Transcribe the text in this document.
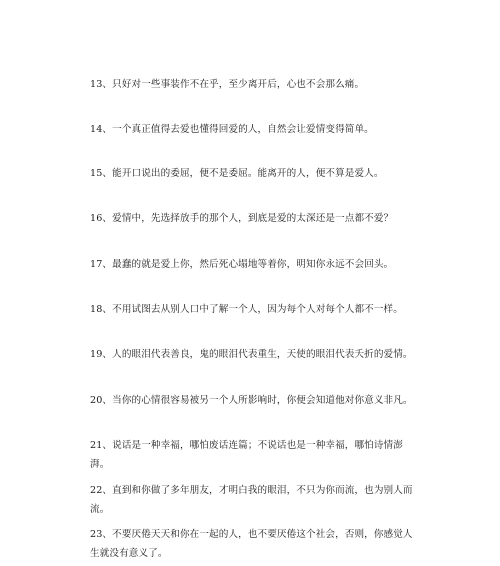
13、只好对一些事装作不在乎，至少离开后，心也不会那么痛。
14、一个真正值得去爱也懂得回爱的人，自然会让爱情变得简单。
15、能开口说出的委屈，便不是委屈。能离开的人，便不算是爱人。
16、爱情中，先选择放手的那个人，到底是爱的太深还是一点都不爱？
17、最蠢的就是爱上你，然后死心塌地等着你，明知你永远不会回头。
18、不用试图去从别人口中了解一个人，因为每个人对每个人都不一样。
19、人的眼泪代表善良，鬼的眼泪代表重生，天使的眼泪代表夭折的爱情。
20、当你的心情很容易被另一个人所影响时，你便会知道他对你意义非凡。
21、说话是一种幸福，哪怕废话连篇；不说话也是一种幸福，哪怕诗情澎湃。
22、直到和你做了多年朋友，才明白我的眼泪，不只为你而流，也为别人而流。
23、不要厌倦天天和你在一起的人，也不要厌倦这个社会，否则，你感觉人生就没有意义了。
